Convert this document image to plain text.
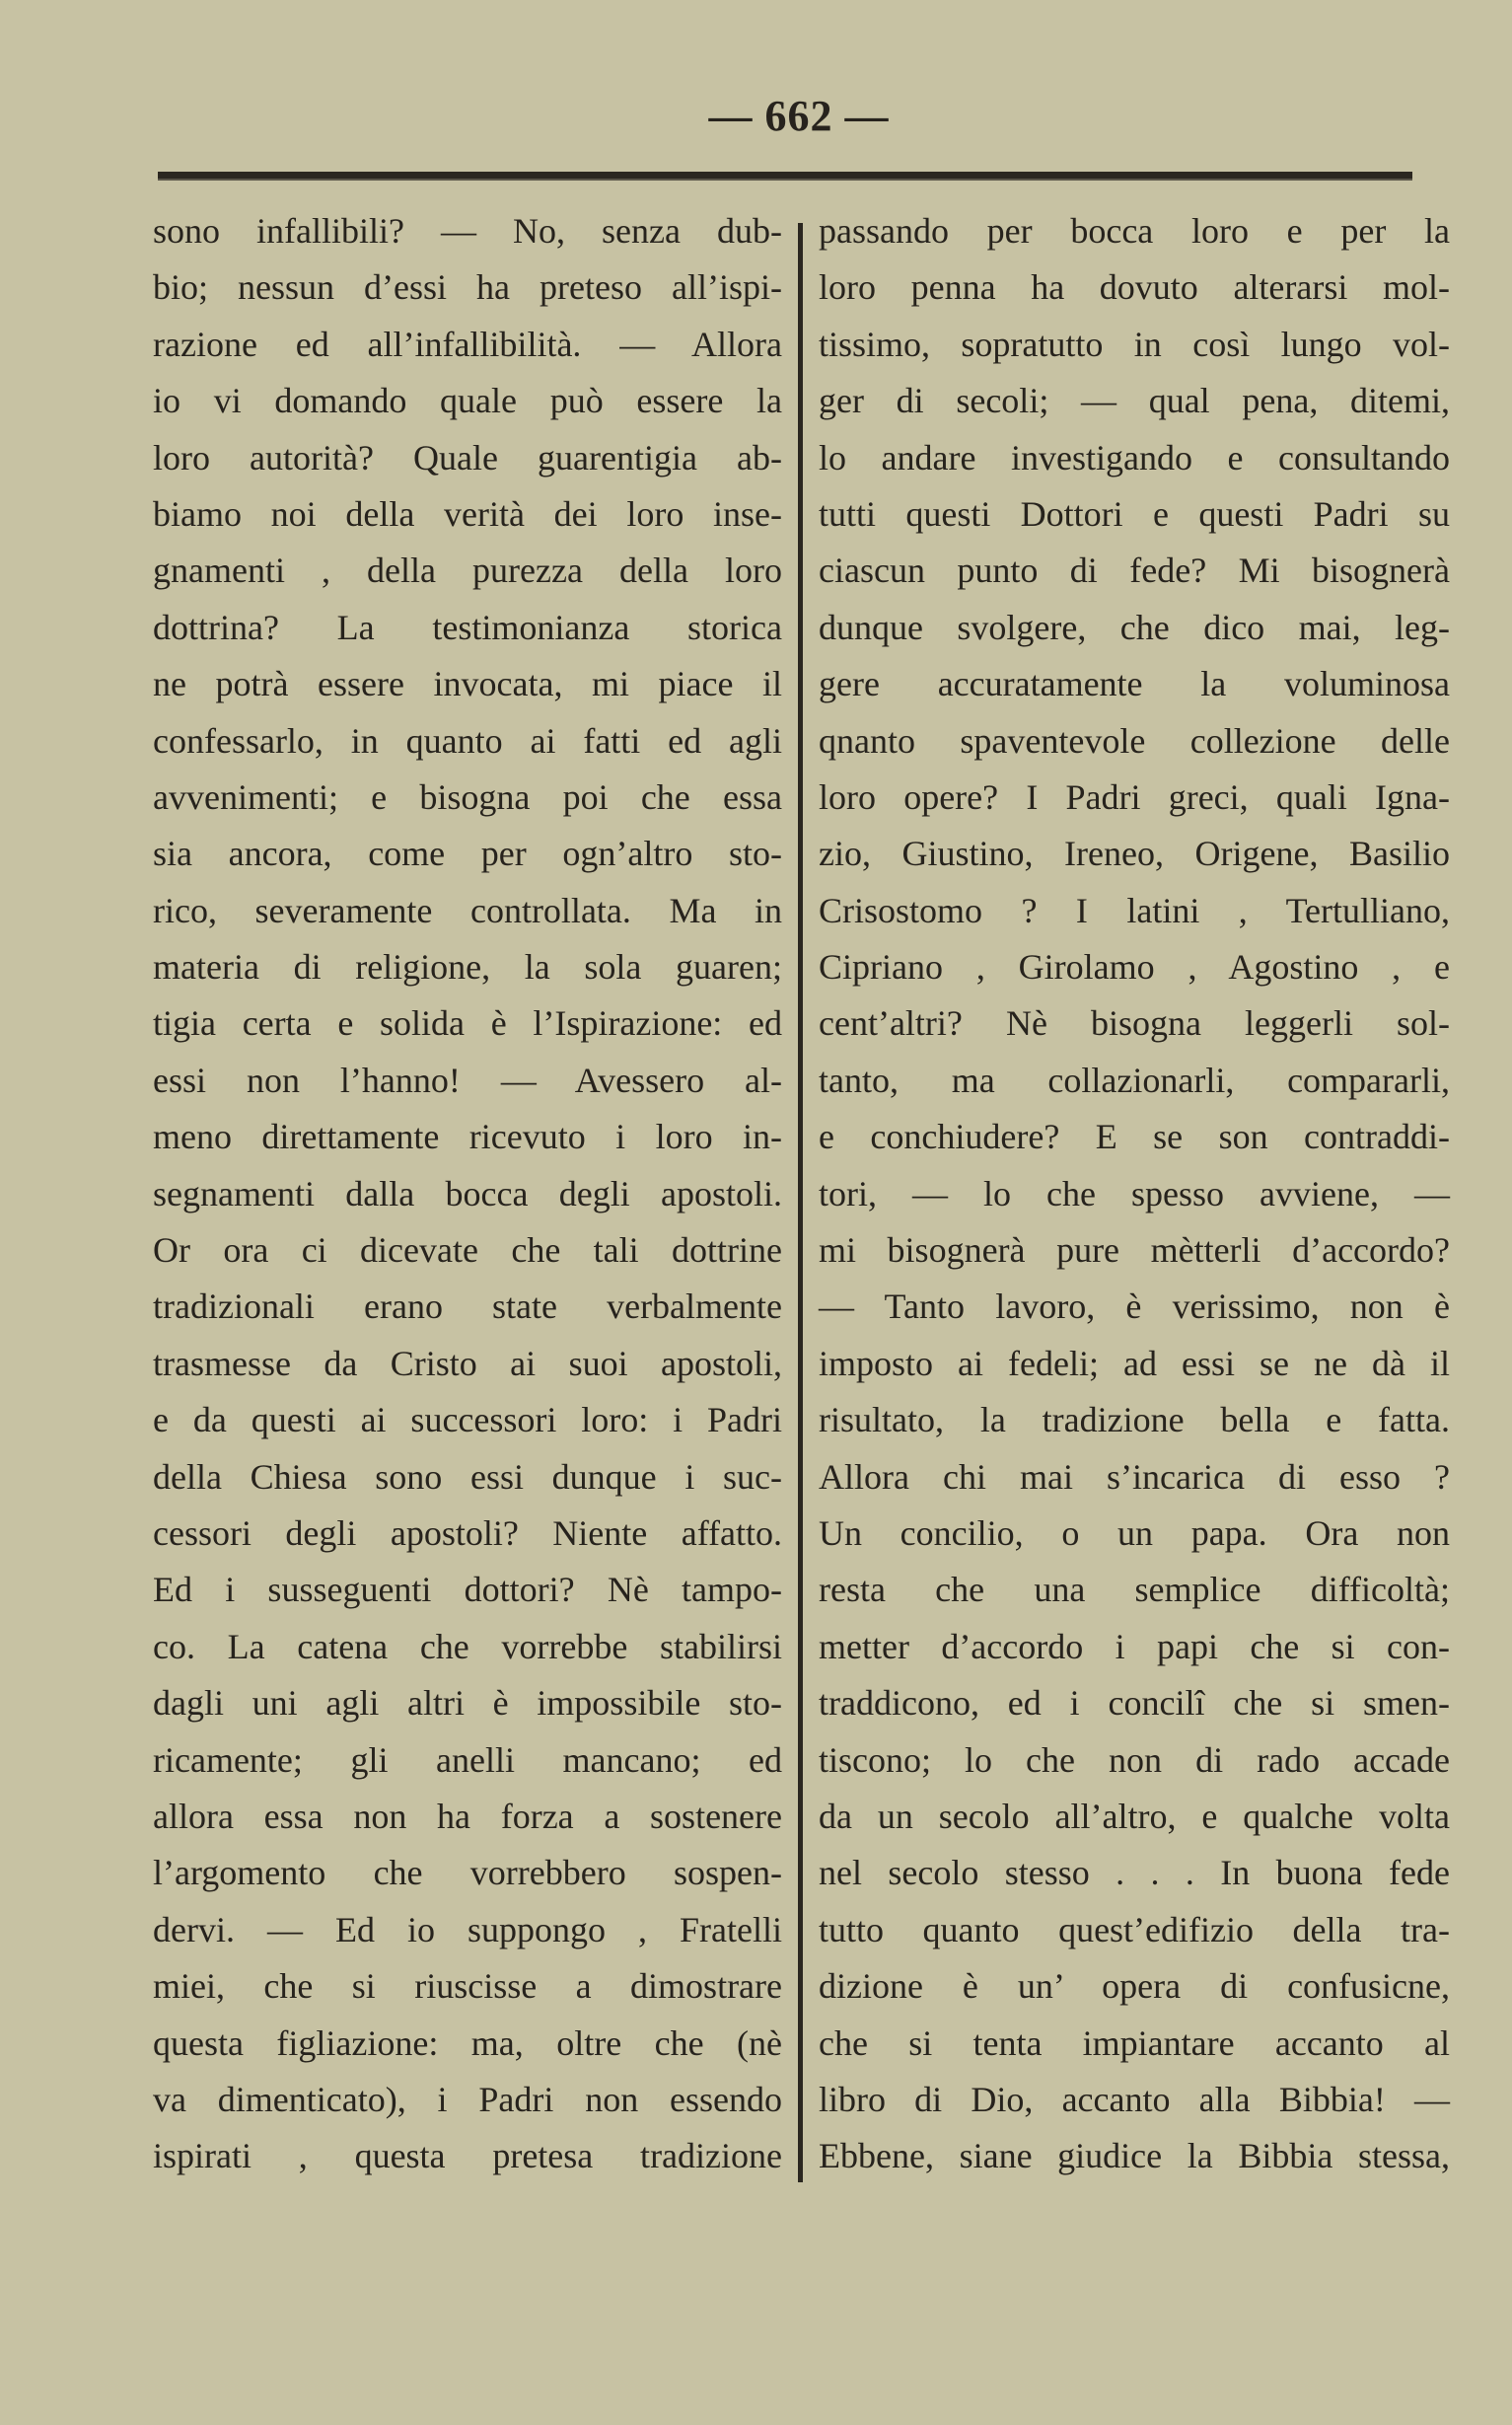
— 662 —
sono infallibili? — No, senza dub-
bio; nessun d’essi ha preteso all’ispi-
razione ed all’infallibilità. — Allora
io vi domando quale può essere la
loro autorità? Quale guarentigia ab-
biamo noi della verità dei loro inse-
gnamenti , della purezza della loro
dottrina? La testimonianza storica
ne potrà essere invocata, mi piace il
confessarlo, in quanto ai fatti ed agli
avvenimenti; e bisogna poi che essa
sia ancora, come per ogn’altro sto-
rico, severamente controllata. Ma in
materia di religione, la sola guaren;
tigia certa e solida è l’Ispirazione: ed
essi non l’hanno! — Avessero al-
meno direttamente ricevuto i loro in-
segnamenti dalla bocca degli apostoli.
Or ora ci dicevate che tali dottrine
tradizionali erano state verbalmente
trasmesse da Cristo ai suoi apostoli,
e da questi ai successori loro: i Padri
della Chiesa sono essi dunque i suc-
cessori degli apostoli? Niente affatto.
Ed i susseguenti dottori? Nè tampo-
co. La catena che vorrebbe stabilirsi
dagli uni agli altri è impossibile sto-
ricamente; gli anelli mancano; ed
allora essa non ha forza a sostenere
l’argomento che vorrebbero sospen-
dervi. — Ed io suppongo , Fratelli
miei, che si riuscisse a dimostrare
questa figliazione: ma, oltre che (nè
va dimenticato), i Padri non essendo
ispirati , questa pretesa tradizione
passando per bocca loro e per la
loro penna ha dovuto alterarsi mol-
tissimo, sopratutto in così lungo vol-
ger di secoli; — qual pena, ditemi,
lo andare investigando e consultando
tutti questi Dottori e questi Padri su
ciascun punto di fede? Mi bisognerà
dunque svolgere, che dico mai, leg-
gere accuratamente la voluminosa
qnanto spaventevole collezione delle
loro opere? I Padri greci, quali Igna-
zio, Giustino, Ireneo, Origene, Basilio
Crisostomo ? I latini , Tertulliano,
Cipriano , Girolamo , Agostino , e
cent’altri? Nè bisogna leggerli sol-
tanto, ma collazionarli, compararli,
e conchiudere? E se son contraddi-
tori, — lo che spesso avviene, —
mi bisognerà pure mètterli d’accordo?
— Tanto lavoro, è verissimo, non è
imposto ai fedeli; ad essi se ne dà il
risultato, la tradizione bella e fatta.
Allora chi mai s’incarica di esso ?
Un concilio, o un papa. Ora non
resta che una semplice difficoltà;
metter d’accordo i papi che si con-
traddicono, ed i concilî che si smen-
tiscono; lo che non di rado accade
da un secolo all’altro, e qualche volta
nel secolo stesso . . . In buona fede
tutto quanto quest’edifizio della tra-
dizione è un’ opera di confusicne,
che si tenta impiantare accanto al
libro di Dio, accanto alla Bibbia! —
Ebbene, siane giudice la Bibbia stessa,
